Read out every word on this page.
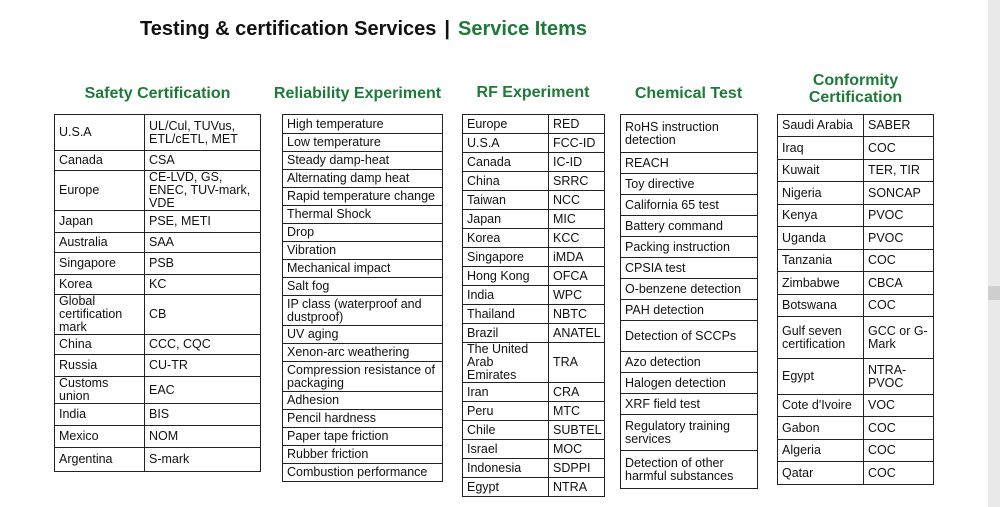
Testing & certification Services | Service Items
Safety Certification
U.S.A	UL/Cul, TUVus, ETL/cETL, MET
Canada	CSA
Europe	CE-LVD, GS, ENEC, TUV-mark, VDE
Japan	PSE, METI
Australia	SAA
Singapore	PSB
Korea	KC
Global certification mark	CB
China	CCC, CQC
Russia	CU-TR
Customs union	EAC
India	BIS
Mexico	NOM
Argentina	S-mark
Reliability Experiment
High temperature
Low temperature
Steady damp-heat
Alternating damp heat
Rapid temperature change
Thermal Shock
Drop
Vibration
Mechanical impact
Salt fog
IP class (waterproof and dustproof)
UV aging
Xenon-arc weathering
Compression resistance of packaging
Adhesion
Pencil hardness
Paper tape friction
Rubber friction
Combustion performance
RF Experiment
Europe	RED
U.S.A	FCC-ID
Canada	IC-ID
China	SRRC
Taiwan	NCC
Japan	MIC
Korea	KCC
Singapore	iMDA
Hong Kong	OFCA
India	WPC
Thailand	NBTC
Brazil	ANATEL
The United Arab Emirates	TRA
Iran	CRA
Peru	MTC
Chile	SUBTEL
Israel	MOC
Indonesia	SDPPI
Egypt	NTRA
Chemical Test
RoHS instruction detection
REACH
Toy directive
California 65 test
Battery command
Packing instruction
CPSIA test
O-benzene detection
PAH detection
Detection of SCCPs
Azo detection
Halogen detection
XRF field test
Regulatory training services
Detection of other harmful substances
Conformity Certification
Saudi Arabia	SABER
Iraq	COC
Kuwait	TER, TIR
Nigeria	SONCAP
Kenya	PVOC
Uganda	PVOC
Tanzania	COC
Zimbabwe	CBCA
Botswana	COC
Gulf seven certification	GCC or G-Mark
Egypt	NTRA-PVOC
Cote d'Ivoire	VOC
Gabon	COC
Algeria	COC
Qatar	COC
